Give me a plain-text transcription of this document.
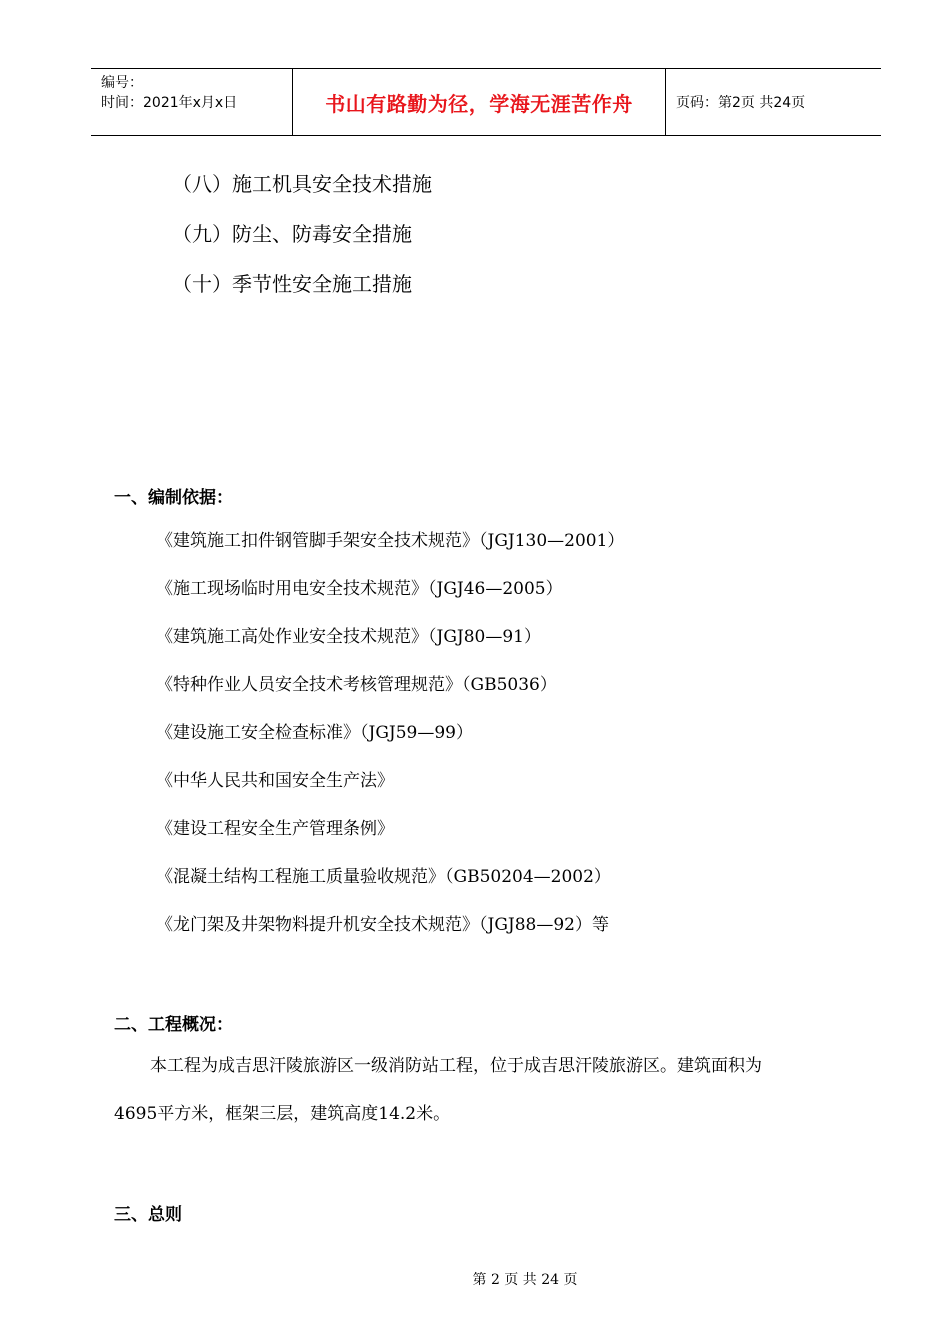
编号：
时间：2021年x月x日	书山有路勤为径，学海无涯苦作舟	页码：第2页 共24页
（八）施工机具安全技术措施
（九）防尘、防毒安全措施
（十）季节性安全施工措施
一、编制依据：
《建筑施工扣件钢管脚手架安全技术规范》（JGJ130—2001）
《施工现场临时用电安全技术规范》（JGJ46—2005）
《建筑施工高处作业安全技术规范》（JGJ80—91）
《特种作业人员安全技术考核管理规范》（GB5036）
《建设施工安全检查标准》（JGJ59—99）
《中华人民共和国安全生产法》
《建设工程安全生产管理条例》
《混凝土结构工程施工质量验收规范》（GB50204—2002）
《龙门架及井架物料提升机安全技术规范》（JGJ88—92）等
二、工程概况：
本工程为成吉思汗陵旅游区一级消防站工程，位于成吉思汗陵旅游区。建筑面积为
4695平方米，框架三层，建筑高度14.2米。
三、总则
第 2 页 共 24 页
